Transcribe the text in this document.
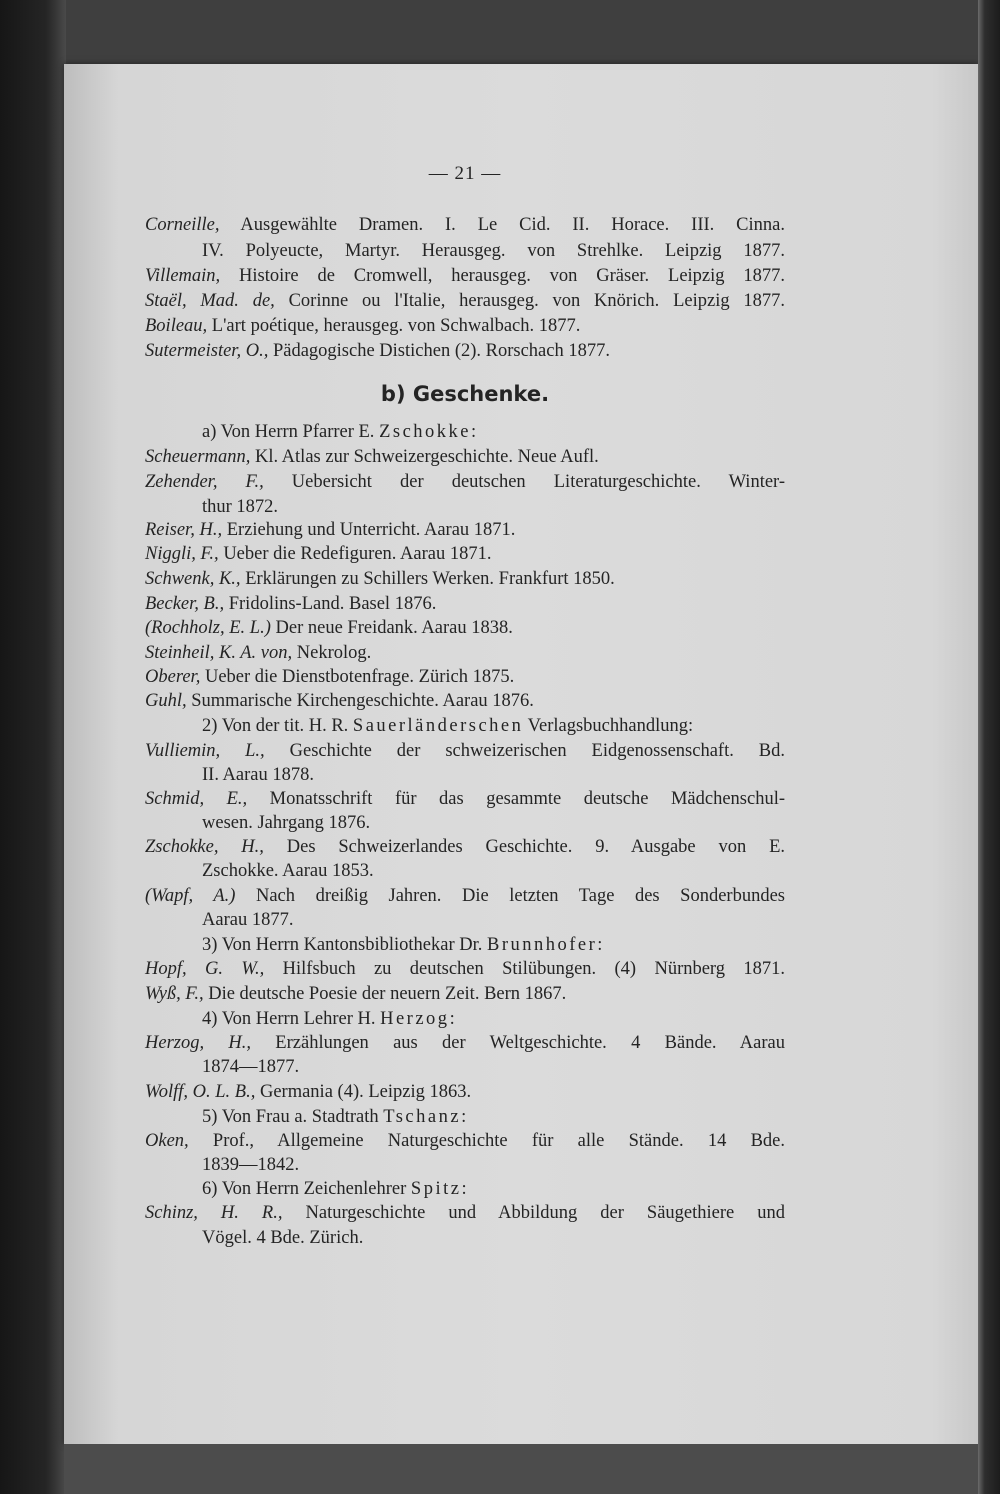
— 21 —
Corneille, Ausgewählte Dramen. I. Le Cid. II. Horace. III. Cinna.
IV. Polyeucte, Martyr. Herausgeg. von Strehlke. Leipzig 1877.
Villemain, Histoire de Cromwell, herausgeg. von Gräser. Leipzig 1877.
Staël, Mad. de, Corinne ou l'Italie, herausgeg. von Knörich. Leipzig 1877.
Boileau, L'art poétique, herausgeg. von Schwalbach. 1877.
Sutermeister, O., Pädagogische Distichen (2). Rorschach 1877.
b) Geschenke.
a) Von Herrn Pfarrer E. Zschokke:
Scheuermann, Kl. Atlas zur Schweizergeschichte. Neue Aufl.
Zehender, F., Uebersicht der deutschen Literaturgeschichte. Winter-
thur 1872.
Reiser, H., Erziehung und Unterricht. Aarau 1871.
Niggli, F., Ueber die Redefiguren. Aarau 1871.
Schwenk, K., Erklärungen zu Schillers Werken. Frankfurt 1850.
Becker, B., Fridolins-Land. Basel 1876.
(Rochholz, E. L.) Der neue Freidank. Aarau 1838.
Steinheil, K. A. von, Nekrolog.
Oberer, Ueber die Dienstbotenfrage. Zürich 1875.
Guhl, Summarische Kirchengeschichte. Aarau 1876.
2) Von der tit. H. R. Sauerländerschen Verlagsbuchhandlung:
Vulliemin, L., Geschichte der schweizerischen Eidgenossenschaft. Bd.
II. Aarau 1878.
Schmid, E., Monatsschrift für das gesammte deutsche Mädchenschul-
wesen. Jahrgang 1876.
Zschokke, H., Des Schweizerlandes Geschichte. 9. Ausgabe von E.
Zschokke. Aarau 1853.
(Wapf, A.) Nach dreißig Jahren. Die letzten Tage des Sonderbundes
Aarau 1877.
3) Von Herrn Kantonsbibliothekar Dr. Brunnhofer:
Hopf, G. W., Hilfsbuch zu deutschen Stilübungen. (4) Nürnberg 1871.
Wyß, F., Die deutsche Poesie der neuern Zeit. Bern 1867.
4) Von Herrn Lehrer H. Herzog:
Herzog, H., Erzählungen aus der Weltgeschichte. 4 Bände. Aarau
1874—1877.
Wolff, O. L. B., Germania (4). Leipzig 1863.
5) Von Frau a. Stadtrath Tschanz:
Oken, Prof., Allgemeine Naturgeschichte für alle Stände. 14 Bde.
1839—1842.
6) Von Herrn Zeichenlehrer Spitz:
Schinz, H. R., Naturgeschichte und Abbildung der Säugethiere und
Vögel. 4 Bde. Zürich.
